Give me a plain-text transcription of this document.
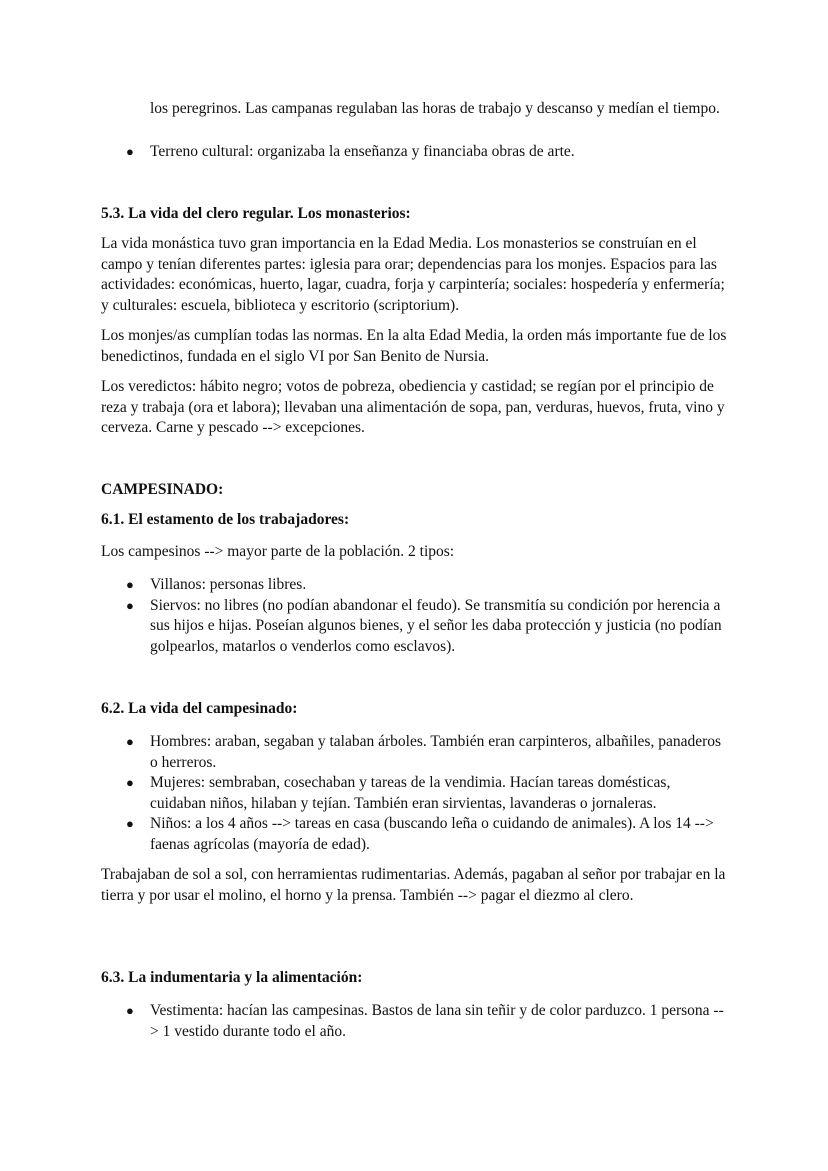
los peregrinos. Las campanas regulaban las horas de trabajo y descanso y medían el tiempo.

● Terreno cultural: organizaba la enseñanza y financiaba obras de arte.

5.3. La vida del clero regular. Los monasterios:

La vida monástica tuvo gran importancia en la Edad Media. Los monasterios se construían en el campo y tenían diferentes partes: iglesia para orar; dependencias para los monjes. Espacios para las actividades: económicas, huerto, lagar, cuadra, forja y carpintería; sociales: hospedería y enfermería; y culturales: escuela, biblioteca y escritorio (scriptorium).

Los monjes/as cumplían todas las normas. En la alta Edad Media, la orden más importante fue de los benedictinos, fundada en el siglo VI por San Benito de Nursia.

Los veredictos: hábito negro; votos de pobreza, obediencia y castidad; se regían por el principio de reza y trabaja (ora et labora); llevaban una alimentación de sopa, pan, verduras, huevos, fruta, vino y cerveza. Carne y pescado --> excepciones.

CAMPESINADO:

6.1. El estamento de los trabajadores:

Los campesinos --> mayor parte de la población. 2 tipos:

● Villanos: personas libres.
● Siervos: no libres (no podían abandonar el feudo). Se transmitía su condición por herencia a sus hijos e hijas. Poseían algunos bienes, y el señor les daba protección y justicia (no podían golpearlos, matarlos o venderlos como esclavos).

6.2. La vida del campesinado:

● Hombres: araban, segaban y talaban árboles. También eran carpinteros, albañiles, panaderos o herreros.
● Mujeres: sembraban, cosechaban y tareas de la vendimia. Hacían tareas domésticas, cuidaban niños, hilaban y tejían. También eran sirvientas, lavanderas o jornaleras.
● Niños: a los 4 años --> tareas en casa (buscando leña o cuidando de animales). A los 14 --> faenas agrícolas (mayoría de edad).

Trabajaban de sol a sol, con herramientas rudimentarias. Además, pagaban al señor por trabajar en la tierra y por usar el molino, el horno y la prensa. También --> pagar el diezmo al clero.

6.3. La indumentaria y la alimentación:

● Vestimenta: hacían las campesinas. Bastos de lana sin teñir y de color parduzco. 1 persona --> 1 vestido durante todo el año.
